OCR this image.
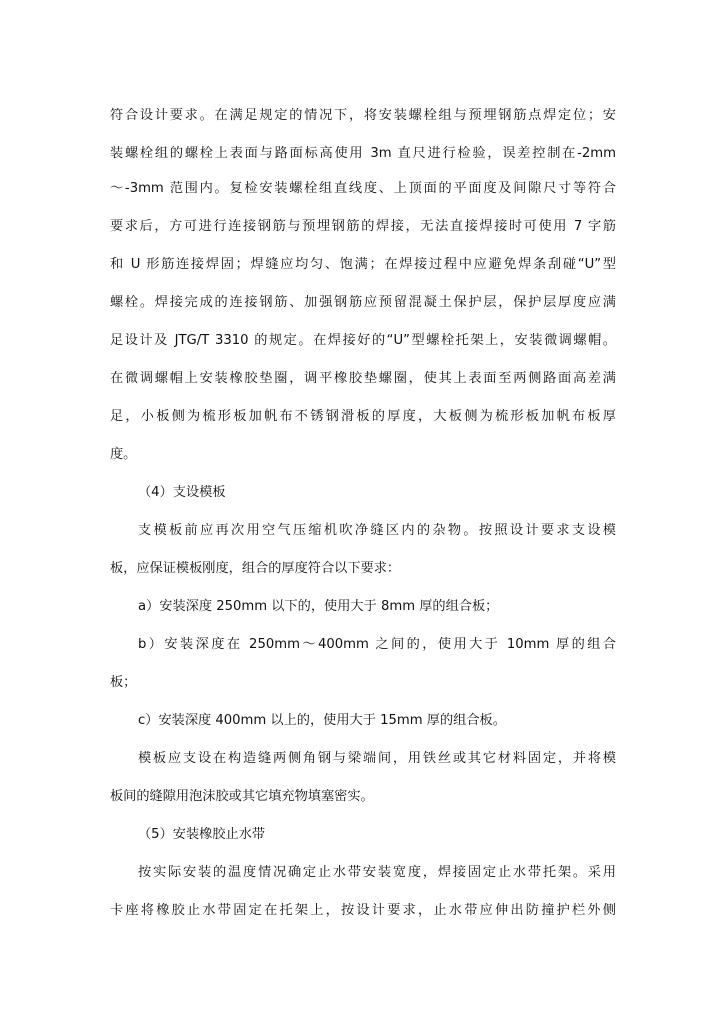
符合设计要求。在满足规定的情况下，将安装螺栓组与预埋钢筋点焊定位；安
装螺栓组的螺栓上表面与路面标高使用 3m 直尺进行检验，误差控制在-2mm
～-3mm 范围内。复检安装螺栓组直线度、上顶面的平面度及间隙尺寸等符合
要求后，方可进行连接钢筋与预埋钢筋的焊接，无法直接焊接时可使用 7 字筋
和 U 形筋连接焊固；焊缝应均匀、饱满；在焊接过程中应避免焊条刮碰“U”型
螺栓。焊接完成的连接钢筋、加强钢筋应预留混凝土保护层，保护层厚度应满
足设计及 JTG/T 3310 的规定。在焊接好的“U”型螺栓托架上，安装微调螺帽。
在微调螺帽上安装橡胶垫圈，调平橡胶垫螺圈，使其上表面至两侧路面高差满
足，小板侧为梳形板加帆布不锈钢滑板的厚度，大板侧为梳形板加帆布板厚
度。
（4）支设模板
支模板前应再次用空气压缩机吹净缝区内的杂物。按照设计要求支设模
板，应保证模板刚度，组合的厚度符合以下要求：
a）安装深度 250mm 以下的，使用大于 8mm 厚的组合板；
b）安装深度在 250mm～400mm 之间的，使用大于 10mm 厚的组合
板；
c）安装深度 400mm 以上的，使用大于 15mm 厚的组合板。
模板应支设在构造缝两侧角钢与梁端间，用铁丝或其它材料固定，并将模
板间的缝隙用泡沫胶或其它填充物填塞密实。
（5）安装橡胶止水带
按实际安装的温度情况确定止水带安装宽度，焊接固定止水带托架。采用
卡座将橡胶止水带固定在托架上，按设计要求，止水带应伸出防撞护栏外侧
